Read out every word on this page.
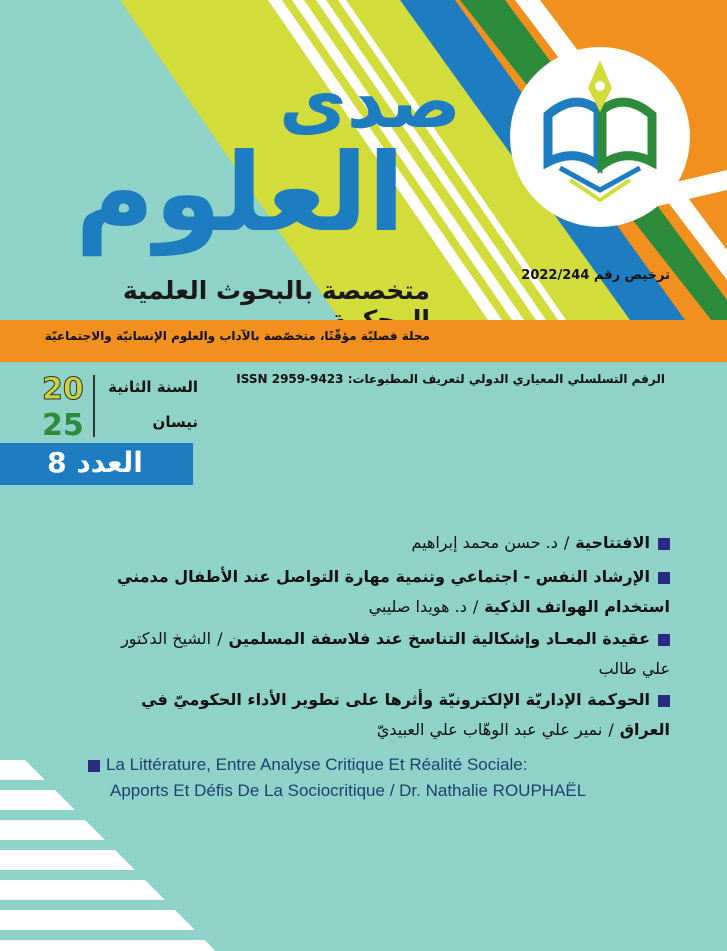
صدى
العلوم
متخصصة بالبحوث العلمية
ترخيص رقم 2022/244
مجلة فصليّة مؤقّتًا، متخصّصة بالآداب والعلوم الإنسانيّة والاجتماعيّة
الرقم التسلسلي المعياري الدولي لتعريف المطبوعات: ISSN 2959-9423
20
25
السنة الثانية
نيسان
العدد 8
الافتتاحية/د. حسن محمد إبراهيم
الإرشاد النفس - اجتماعي وتنمية مهارة التواصل عند الأطفال مدمني
استخدام الهواتف الذكية/د. هويدا صليبي
عقيدة المعـاد وإشكالية التناسخ عند فلاسفة المسلمين/الشيخ الدكتور
علي طالب
الحوكمة الإداريّة الإلكترونيّة وأثرها على تطوير الأداء الحكوميّ في
العراق/نمير علي عبد الوهّاب علي العبيديّ
La Littérature, Entre Analyse Critique Et Réalité Sociale:
Apports Et Défis De La Sociocritique / Dr. Nathalie ROUPHAËL
